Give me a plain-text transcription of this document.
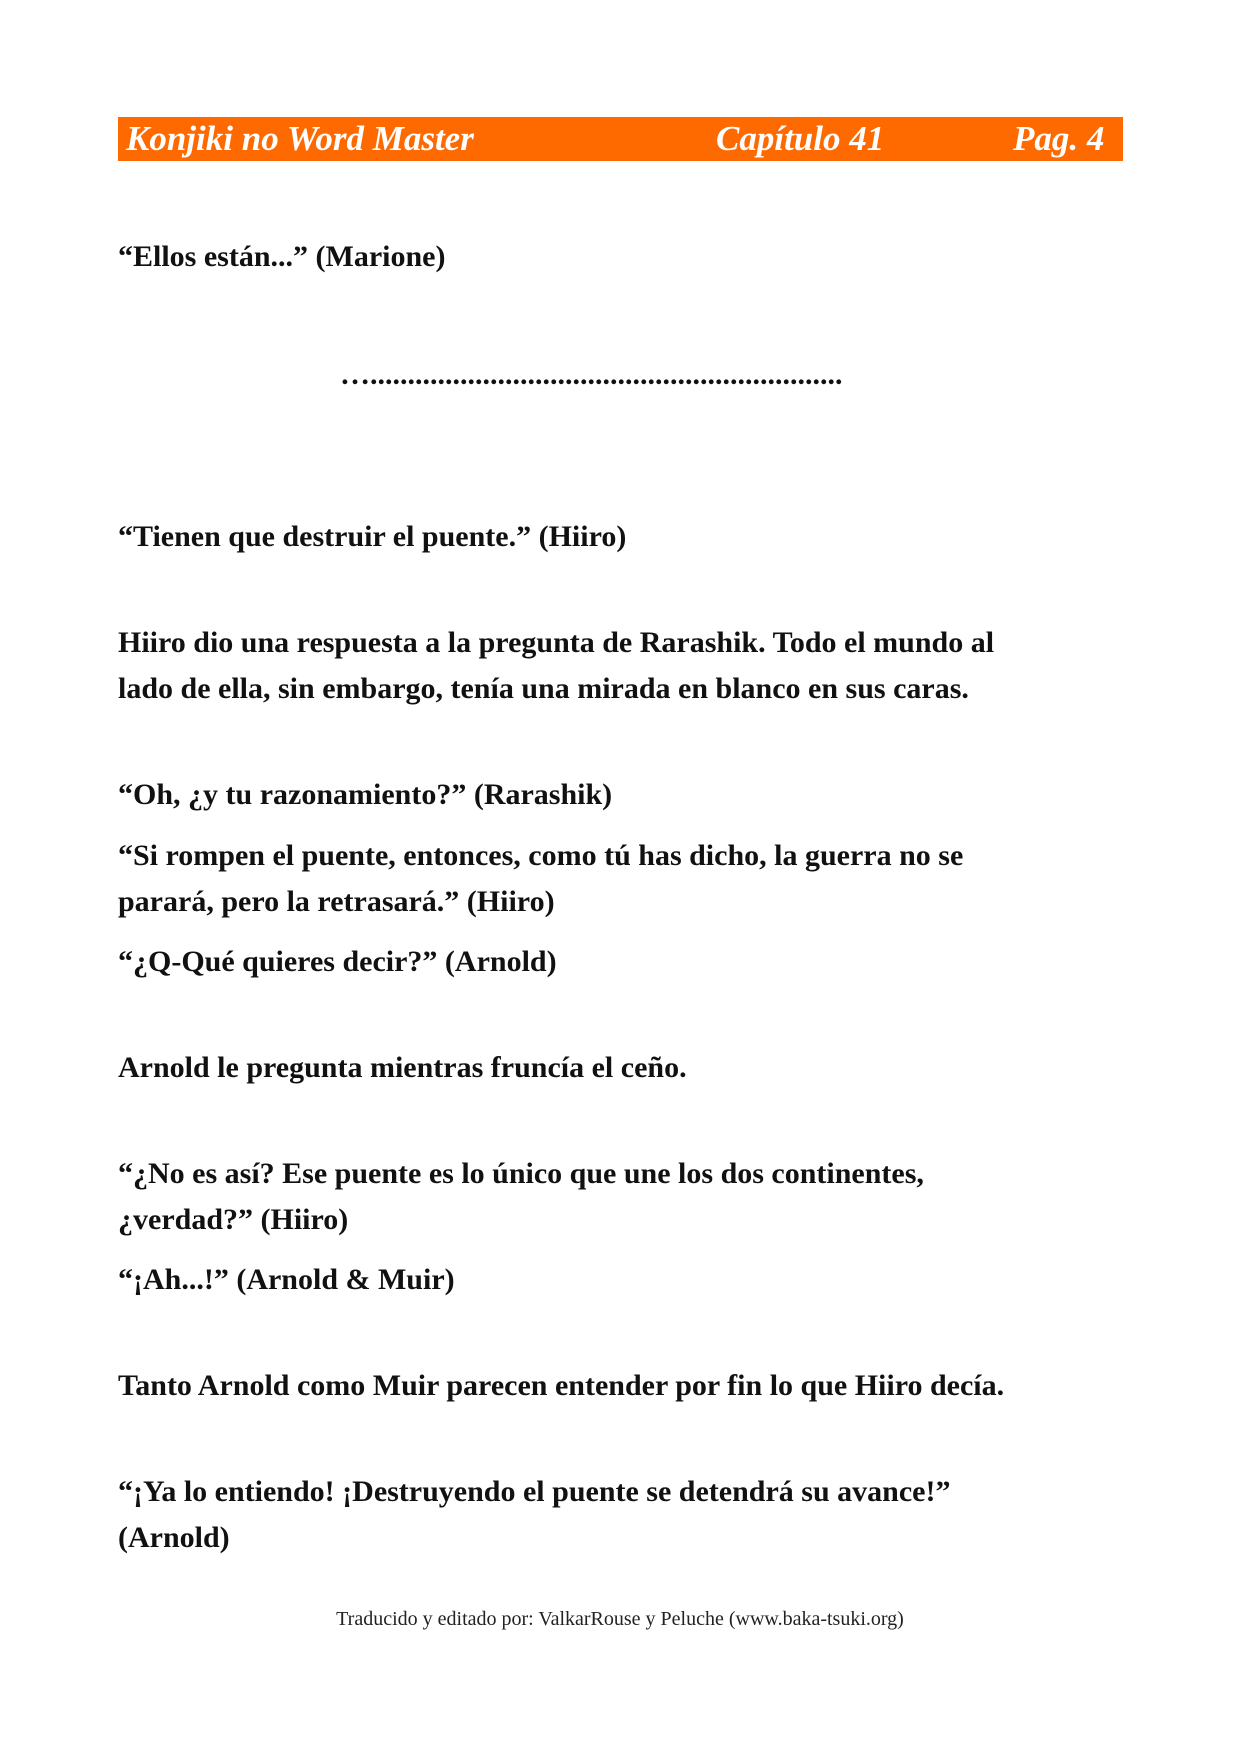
Konjiki no Word Master	Capítulo 41	Pag. 4

“Ellos están...” (Marione)

…...............................................................

“Tienen que destruir el puente.” (Hiiro)

Hiiro dio una respuesta a la pregunta de Rarashik. Todo el mundo al
lado de ella, sin embargo, tenía una mirada en blanco en sus caras.

“Oh, ¿y tu razonamiento?” (Rarashik)

“Si rompen el puente, entonces, como tú has dicho, la guerra no se
parará, pero la retrasará.” (Hiiro)

“¿Q-Qué quieres decir?” (Arnold)

Arnold le pregunta mientras fruncía el ceño.

“¿No es así? Ese puente es lo único que une los dos continentes,
¿verdad?” (Hiiro)

“¡Ah...!” (Arnold & Muir)

Tanto Arnold como Muir parecen entender por fin lo que Hiiro decía.

“¡Ya lo entiendo! ¡Destruyendo el puente se detendrá su avance!”
(Arnold)

Traducido y editado por: ValkarRouse y Peluche (www.baka-tsuki.org)
